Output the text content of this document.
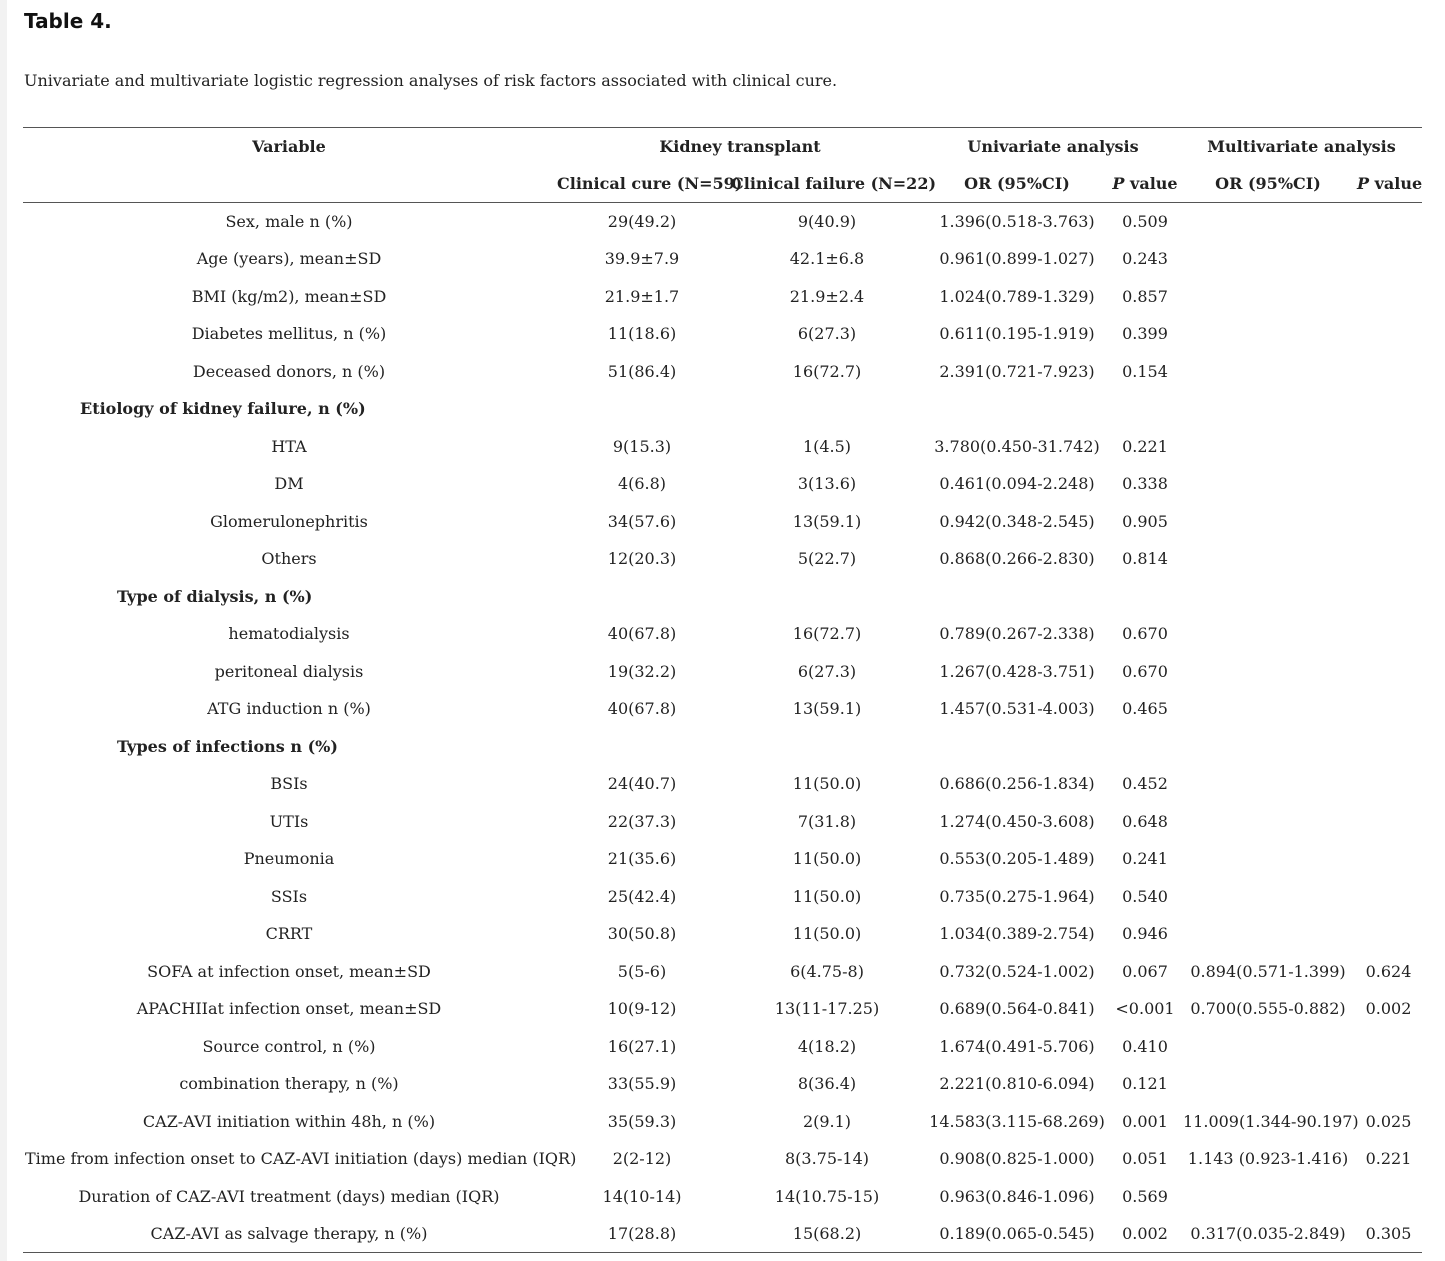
Table 4.
Univariate and multivariate logistic regression analyses of risk factors associated with clinical cure.
Variable	Kidney transplant		Univariate analysis		Multivariate analysis	
	Clinical cure (N=59)	Clinical failure (N=22)	OR (95%CI)	P value	OR (95%CI)	P value
Sex, male n (%)	29(49.2)	9(40.9)	1.396(0.518-3.763)	0.509		
Age (years), mean±SD	39.9±7.9	42.1±6.8	0.961(0.899-1.027)	0.243		
BMI (kg/m2), mean±SD	21.9±1.7	21.9±2.4	1.024(0.789-1.329)	0.857		
Diabetes mellitus, n (%)	11(18.6)	6(27.3)	0.611(0.195-1.919)	0.399		
Deceased donors, n (%)	51(86.4)	16(72.7)	2.391(0.721-7.923)	0.154		
Etiology of kidney failure, n (%)						
HTA	9(15.3)	1(4.5)	3.780(0.450-31.742)	0.221		
DM	4(6.8)	3(13.6)	0.461(0.094-2.248)	0.338		
Glomerulonephritis	34(57.6)	13(59.1)	0.942(0.348-2.545)	0.905		
Others	12(20.3)	5(22.7)	0.868(0.266-2.830)	0.814		
Type of dialysis, n (%)						
hematodialysis	40(67.8)	16(72.7)	0.789(0.267-2.338)	0.670		
peritoneal dialysis	19(32.2)	6(27.3)	1.267(0.428-3.751)	0.670		
ATG induction n (%)	40(67.8)	13(59.1)	1.457(0.531-4.003)	0.465		
Types of infections n (%)						
BSIs	24(40.7)	11(50.0)	0.686(0.256-1.834)	0.452		
UTIs	22(37.3)	7(31.8)	1.274(0.450-3.608)	0.648		
Pneumonia	21(35.6)	11(50.0)	0.553(0.205-1.489)	0.241		
SSIs	25(42.4)	11(50.0)	0.735(0.275-1.964)	0.540		
CRRT	30(50.8)	11(50.0)	1.034(0.389-2.754)	0.946		
SOFA at infection onset, mean±SD	5(5-6)	6(4.75-8)	0.732(0.524-1.002)	0.067	0.894(0.571-1.399)	0.624
APACHIIat infection onset, mean±SD	10(9-12)	13(11-17.25)	0.689(0.564-0.841)	<0.001	0.700(0.555-0.882)	0.002
Source control, n (%)	16(27.1)	4(18.2)	1.674(0.491-5.706)	0.410		
combination therapy, n (%)	33(55.9)	8(36.4)	2.221(0.810-6.094)	0.121		
CAZ-AVI initiation within 48h, n (%)	35(59.3)	2(9.1)	14.583(3.115-68.269)	0.001	11.009(1.344-90.197)	0.025
Time from infection onset to CAZ-AVI initiation (days) median (IQR)	2(2-12)	8(3.75-14)	0.908(0.825-1.000)	0.051	1.143 (0.923-1.416)	0.221
Duration of CAZ-AVI treatment (days) median (IQR)	14(10-14)	14(10.75-15)	0.963(0.846-1.096)	0.569		
CAZ-AVI as salvage therapy, n (%)	17(28.8)	15(68.2)	0.189(0.065-0.545)	0.002	0.317(0.035-2.849)	0.305
